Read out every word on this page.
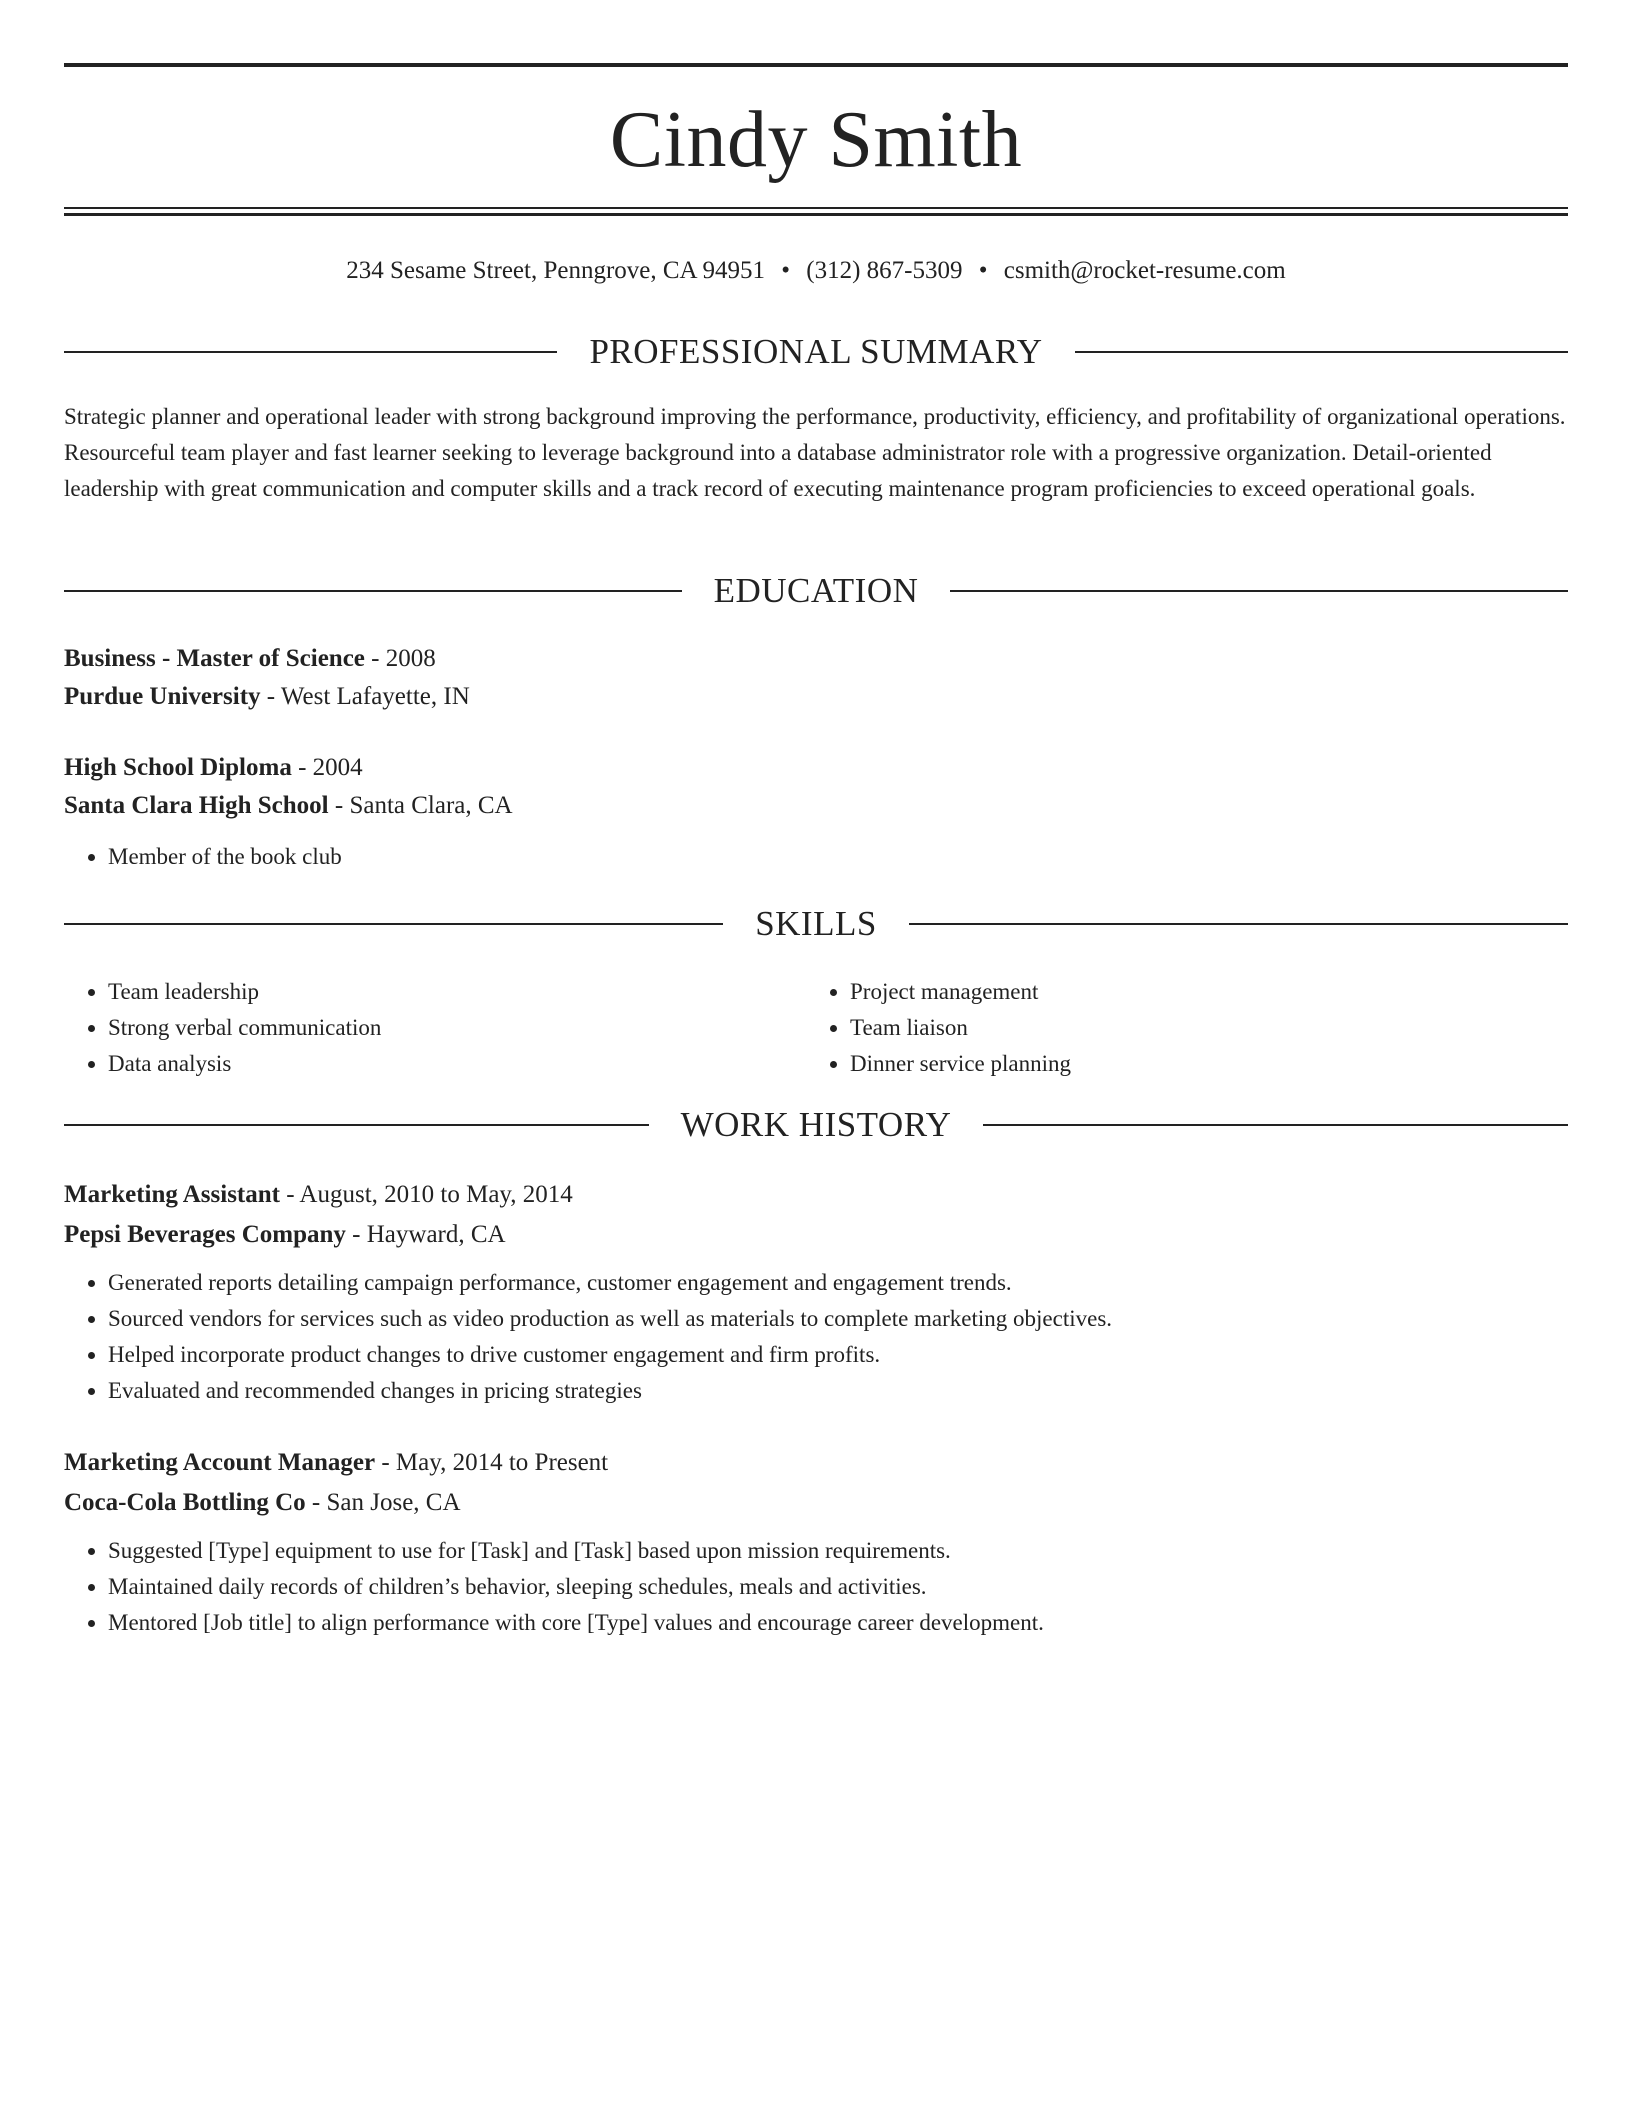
Cindy Smith
234 Sesame Street, Penngrove, CA 94951 • (312) 867-5309 • csmith@rocket-resume.com
PROFESSIONAL SUMMARY
Strategic planner and operational leader with strong background improving the performance, productivity, efficiency, and profitability of organizational operations. Resourceful team player and fast learner seeking to leverage background into a database administrator role with a progressive organization. Detail-oriented leadership with great communication and computer skills and a track record of executing maintenance program proficiencies to exceed operational goals.
EDUCATION
Business - Master of Science - 2008
Purdue University - West Lafayette, IN
High School Diploma - 2004
Santa Clara High School - Santa Clara, CA
• Member of the book club
SKILLS
• Team leadership
• Strong verbal communication
• Data analysis
• Project management
• Team liaison
• Dinner service planning
WORK HISTORY
Marketing Assistant - August, 2010 to May, 2014
Pepsi Beverages Company - Hayward, CA
• Generated reports detailing campaign performance, customer engagement and engagement trends.
• Sourced vendors for services such as video production as well as materials to complete marketing objectives.
• Helped incorporate product changes to drive customer engagement and firm profits.
• Evaluated and recommended changes in pricing strategies
Marketing Account Manager - May, 2014 to Present
Coca-Cola Bottling Co - San Jose, CA
• Suggested [Type] equipment to use for [Task] and [Task] based upon mission requirements.
• Maintained daily records of children’s behavior, sleeping schedules, meals and activities.
• Mentored [Job title] to align performance with core [Type] values and encourage career development.
